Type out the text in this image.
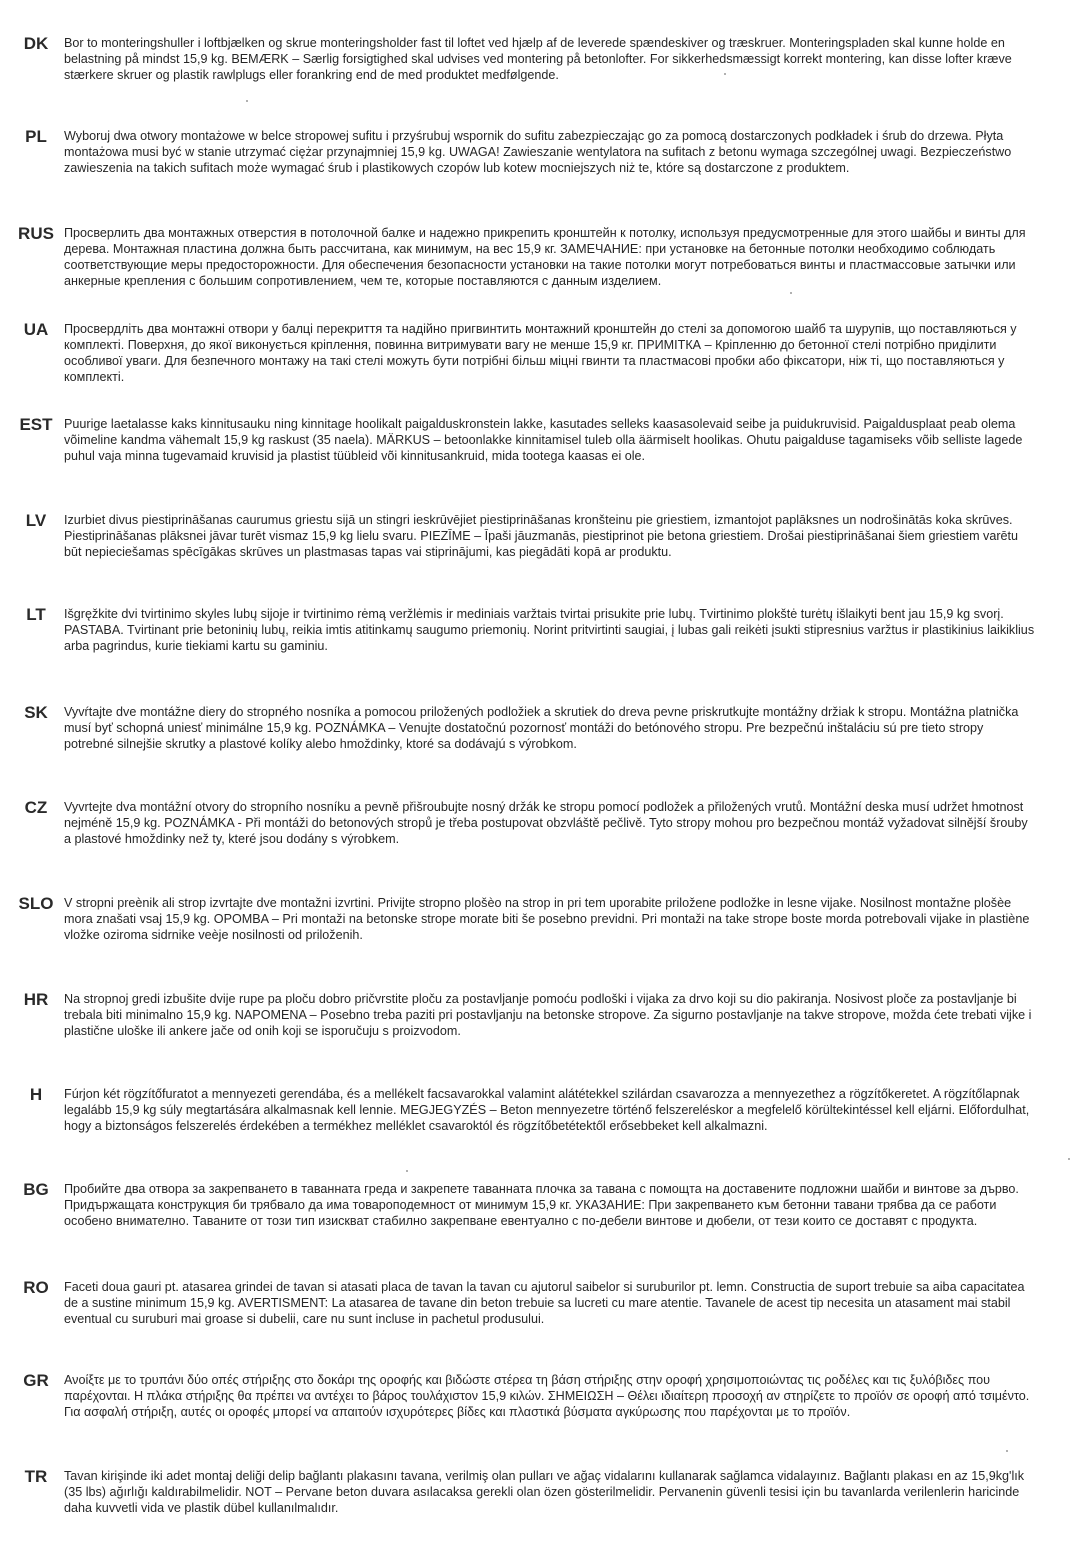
DK	Bor to monteringshuller i loftbjælken og skrue monteringsholder fast til loftet ved hjælp af de leverede spændeskiver og træskruer. Monteringspladen skal kunne holde en belastning på mindst 15,9 kg. BEMÆRK – Særlig forsigtighed skal udvises ved montering på betonlofter. For sikkerhedsmæssigt korrekt montering, kan disse lofter kræve stærkere skruer og plastik rawlplugs eller forankring end de med produktet medfølgende.
PL	Wyboruj dwa otwory montażowe w belce stropowej sufitu i przyśrubuj wspornik do sufitu zabezpieczając go za pomocą dostarczonych podkładek i śrub do drzewa. Płyta montażowa musi być w stanie utrzymać ciężar przynajmniej 15,9 kg. UWAGA! Zawieszanie wentylatora na sufitach z betonu wymaga szczególnej uwagi. Bezpieczeństwo zawieszenia na takich sufitach może wymagać śrub i plastikowych czopów lub kotew mocniejszych niż te, które są dostarczone z produktem.
RUS Просверлить два монтажных отверстия в потолочной балке и надежно прикрепить кронштейн к потолку, используя предусмотренные для этого шайбы и винты для дерева. Монтажная пластина должна быть рассчитана, как минимум, на вес 15,9 кг. ЗАМЕЧАНИЕ: при установке на бетонные потолки необходимо соблюдать соответствующие меры предосторожности. Для обеспечения безопасности установки на такие потолки могут потребоваться винты и пластмассовые затычки или анкерные крепления с большим сопротивлением, чем те, которые поставляются с данным изделием.
UA	Просвердліть два монтажні отвори у балці перекриття та надійно пригвинтить монтажний кронштейн до стелі за допомогою шайб та шурупів, що поставляються у комплекті. Поверхня, до якої виконується кріплення, повинна витримувати вагу не менше 15,9 кг. ПРИМІТКА – Кріпленню до бетонної стелі потрібно приділити особливої уваги. Для безпечного монтажу на такі стелі можуть бути потрібні більш міцні гвинти та пластмасові пробки або фіксатори, ніж ті, що поставляються у комплекті.
EST Puurige laetalasse kaks kinnitusauku ning kinnitage hoolikalt paigalduskronstein lakke, kasutades selleks kaasasolevaid seibe ja puidukruvisid. Paigaldusplaat peab olema võimeline kandma vähemalt 15,9 kg raskust (35 naela). MÄRKUS – betoonlakke kinnitamisel tuleb olla äärmiselt hoolikas. Ohutu paigalduse tagamiseks võib selliste lagede puhul vaja minna tugevamaid kruvisid ja plastist tüübleid või kinnitusankruid, mida tootega kaasas ei ole.
LV	Izurbiet divus piestiprināšanas caurumus griestu sijā un stingri ieskrūvējiet piestiprināšanas kronšteinu pie griestiem, izmantojot paplāksnes un nodrošinātās koka skrūves. Piestiprināšanas plāksnei jāvar turēt vismaz 15,9 kg lielu svaru. PIEZĪME – Īpaši jāuzmanās, piestiprinot pie betona griestiem. Drošai piestiprināšanai šiem griestiem varētu būt nepieciešamas spēcīgākas skrūves un plastmasas tapas vai stiprinājumi, kas piegādāti kopā ar produktu.
LT	Išgręžkite dvi tvirtinimo skyles lubų sijoje ir tvirtinimo rėmą veržlėmis ir mediniais varžtais tvirtai prisukite prie lubų. Tvirtinimo plokštė turėtų išlaikyti bent jau 15,9 kg svorį. PASTABA. Tvirtinant prie betoninių lubų, reikia imtis atitinkamų saugumo priemonių. Norint pritvirtinti saugiai, į lubas gali reikėti įsukti stipresnius varžtus ir plastikinius laikiklius arba pagrindus, kurie tiekiami kartu su gaminiu.
SK	Vyvŕtajte dve montážne diery do stropného nosníka a pomocou priložených podložiek a skrutiek do dreva pevne priskrutkujte montážny držiak k stropu. Montážna platnička musí byť schopná uniesť minimálne 15,9 kg. POZNÁMKA – Venujte dostatočnú pozornosť montáži do betónového stropu. Pre bezpečnú inštaláciu sú pre tieto stropy potrebné silnejšie skrutky a plastové kolíky alebo hmoždinky, ktoré sa dodávajú s výrobkom.
CZ	Vyvrtejte dva montážní otvory do stropního nosníku a pevně přišroubujte nosný držák ke stropu pomocí podložek a přiložených vrutů. Montážní deska musí udržet hmotnost nejméně 15,9 kg. POZNÁMKA - Při montáži do betonových stropů je třeba postupovat obzvláště pečlivě. Tyto stropy mohou pro bezpečnou montáž vyžadovat silnější šrouby a plastové hmoždinky než ty, které jsou dodány s výrobkem.
SLO V stropni preènik ali strop izvrtajte dve montažni izvrtini. Privijte stropno plošèo na strop in pri tem uporabite priložene podložke in lesne vijake. Nosilnost montažne plošèe mora znašati vsaj 15,9 kg. OPOMBA – Pri montaži na betonske strope morate biti še posebno previdni. Pri montaži na take strope boste morda potrebovali vijake in plastiène vložke oziroma sidrnike veèje nosilnosti od priloženih.
HR	Na stropnoj gredi izbušite dvije rupe pa ploču dobro pričvrstite ploču za postavljanje pomoću podloški i vijaka za drvo koji su dio pakiranja. Nosivost ploče za postavljanje bi trebala biti minimalno 15,9 kg. NAPOMENA – Posebno treba paziti pri postavljanju na betonske stropove. Za sigurno postavljanje na takve stropove, možda ćete trebati vijke i plastične uloške ili ankere jače od onih koji se isporučuju s proizvodom.
H	Fúrjon két rögzítőfuratot a mennyezeti gerendába, és a mellékelt facsavarokkal valamint alátétekkel szilárdan csavarozza a mennyezethez a rögzítőkeretet. A rögzítőlapnak legalább 15,9 kg súly megtartására alkalmasnak kell lennie. MEGJEGYZÉS – Beton mennyezetre történő felszereléskor a megfelelő körültekintéssel kell eljárni. Előfordulhat, hogy a biztonságos felszerelés érdekében a termékhez melléklet csavaroktól és rögzítőbetétektől erősebbeket kell alkalmazni.
BG	Пробийте два отвора за закрепването в таванната греда и закрепете таванната плочка за тавана с помощта на доставените подложни шайби и винтове за дърво. Придържащата конструкция би трябвало да има товароподемност от минимум 15,9 кг. УКАЗАНИЕ: При закрепването към бетонни тавани трябва да се работи особено внимателно. Таваните от този тип изискват стабилно закрепване евентуално с по-дебели винтове и дюбели, от тези които се доставят с продукта.
RO	Faceti doua gauri pt. atasarea grindei de tavan si atasati placa de tavan la tavan cu ajutorul saibelor si suruburilor pt. lemn. Constructia de suport trebuie sa aiba capacitatea de a sustine minimum 15,9 kg. AVERTISMENT: La atasarea de tavane din beton trebuie sa lucreti cu mare atentie. Tavanele de acest tip necesita un atasament mai stabil eventual cu suruburi mai groase si dubelii, care nu sunt incluse in pachetul produsului.
GR	Ανοίξτε με το τρυπάνι δύο οπές στήριξης στο δοκάρι της οροφής και βιδώστε στέρεα τη βάση στήριξης στην οροφή χρησιμοποιώντας τις ροδέλες και τις ξυλόβιδες που παρέχονται. Η πλάκα στήριξης θα πρέπει να αντέχει το βάρος τουλάχιστον 15,9 κιλών. ΣΗΜΕΙΩΣΗ – Θέλει ιδιαίτερη προσοχή αν στηρίζετε το προϊόν σε οροφή από τσιμέντο. Για ασφαλή στήριξη, αυτές οι οροφές μπορεί να απαιτούν ισχυρότερες βίδες και πλαστικά βύσματα αγκύρωσης που παρέχονται με το προϊόν.
TR	Tavan kirişinde iki adet montaj deliği delip bağlantı plakasını tavana, verilmiş olan pulları ve ağaç vidalarını kullanarak sağlamca vidalayınız. Bağlantı plakası en az 15,9kg'lık (35 lbs) ağırlığı kaldırabilmelidir. NOT – Pervane beton duvara asılacaksa gerekli olan özen gösterilmelidir. Pervanenin güvenli tesisi için bu tavanlarda verilenlerin haricinde daha kuvvetli vida ve plastik dübel kullanılmalıdır.
